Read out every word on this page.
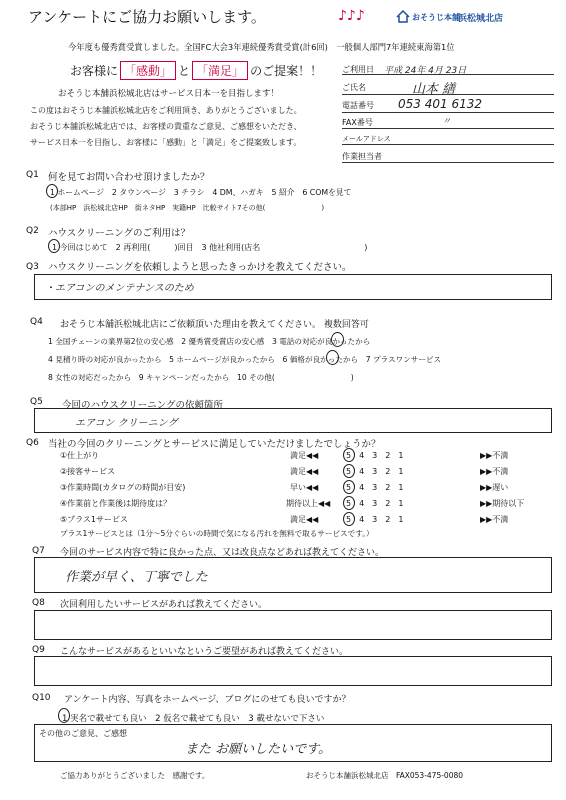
アンケートにご協力お願いします。	♪♪♪	おそうじ本舗
浜松城北店
今年度も優秀賞受賞しました。全国FC大会3年連続優秀賞受賞(計6回)　一般個人部門7年連続東海第1位
お客様に 「感動」 と 「満足」 のご提案！！
おそうじ本舗浜松城北店はサービス日本一を目指します！
この度はおそうじ本舗浜松城北店をご利用頂き、ありがとうございました。
おそうじ本舗浜松城北店では、お客様の貴重なご意見、ご感想をいただき、
サービス日本一を目指し、お客様に「感動」と「満足」をご提案致します。
ご利用日 平成 24年 4月 23日
ご氏名	山本 繕
電話番号 053 401 6132
FAX番号	〃
メールアドレス
作業担当者
Q1 何を見てお問い合わせ頂けましたか？
1 ホームページ　2 タウンページ　3 チラシ　4 DM、ハガキ　5 紹介　6 COMを見て
(本部HP　浜松城北店HP　街ネタHP　実籍HP　比較サイト7その他(　　　　　　　　)
Q2 ハウスクリーニングのご利用は？
1 今回はじめて　2 再利用(　　　)回目　3 他社利用(店名　　　　　　　　　　　　　)
Q3 ハウスクリーニングを依頼しようと思ったきっかけを教えてください。
・エアコンのメンテナンスのため
Q4 おそうじ本舗浜松城北店にご依頼頂いた理由を教えてください。 複数回答可
1 全国チェーンの業界第2位の安心感　2 優秀賞受賞店の安心感　3 電話の対応が良かったから
4 見積り時の対応が良かったから　5 ホームページが良かったから　6 価格が良かったから　7 プラスワンサービス
8 女性の対応だったから　9 キャンペーンだったから　10 その他(　　　　　　　　　　)
Q5 今回のハウスクリーニングの依頼箇所
エアコン クリーニング
Q6 当社の今回のクリーニングとサービスに満足していただけましたでしょうか？
①仕上がり	満足◀◀	5　4　3　2　1	▶▶不満
②接客サービス	満足◀◀	5　4　3　2　1	▶▶不満
③作業時間(カタログの時間が目安)	早い◀◀	5　4　3　2　1	▶▶遅い
④作業前と作業後は期待度は？	期待以上◀◀ 5　4　3　2　1	▶▶期待以下
⑤プラス1サービス	満足◀◀	5　4　3　2　1	▶▶不満
プラス1サービスとは（1分～5分ぐらいの時間で気になる汚れを無料で取るサービスです。）
Q7 今回のサービス内容で特に良かった点、又は改良点などあれば教えてください。
作業が早く、丁寧でした
Q8 次回利用したいサービスがあれば教えてください。
Q9 こんなサービスがあるといいなというご要望があれば教えてください。
Q10 アンケート内容、写真をホームページ、ブログにのせても良いですか？
1 実名で載せても良い　2 仮名で載せても良い　3 載せないで下さい
その他のご意見、ご感想
また お願いしたいです。
ご協力ありがとうございました　感謝です。	おそうじ本舗浜松城北店　FAX053-475-0080
